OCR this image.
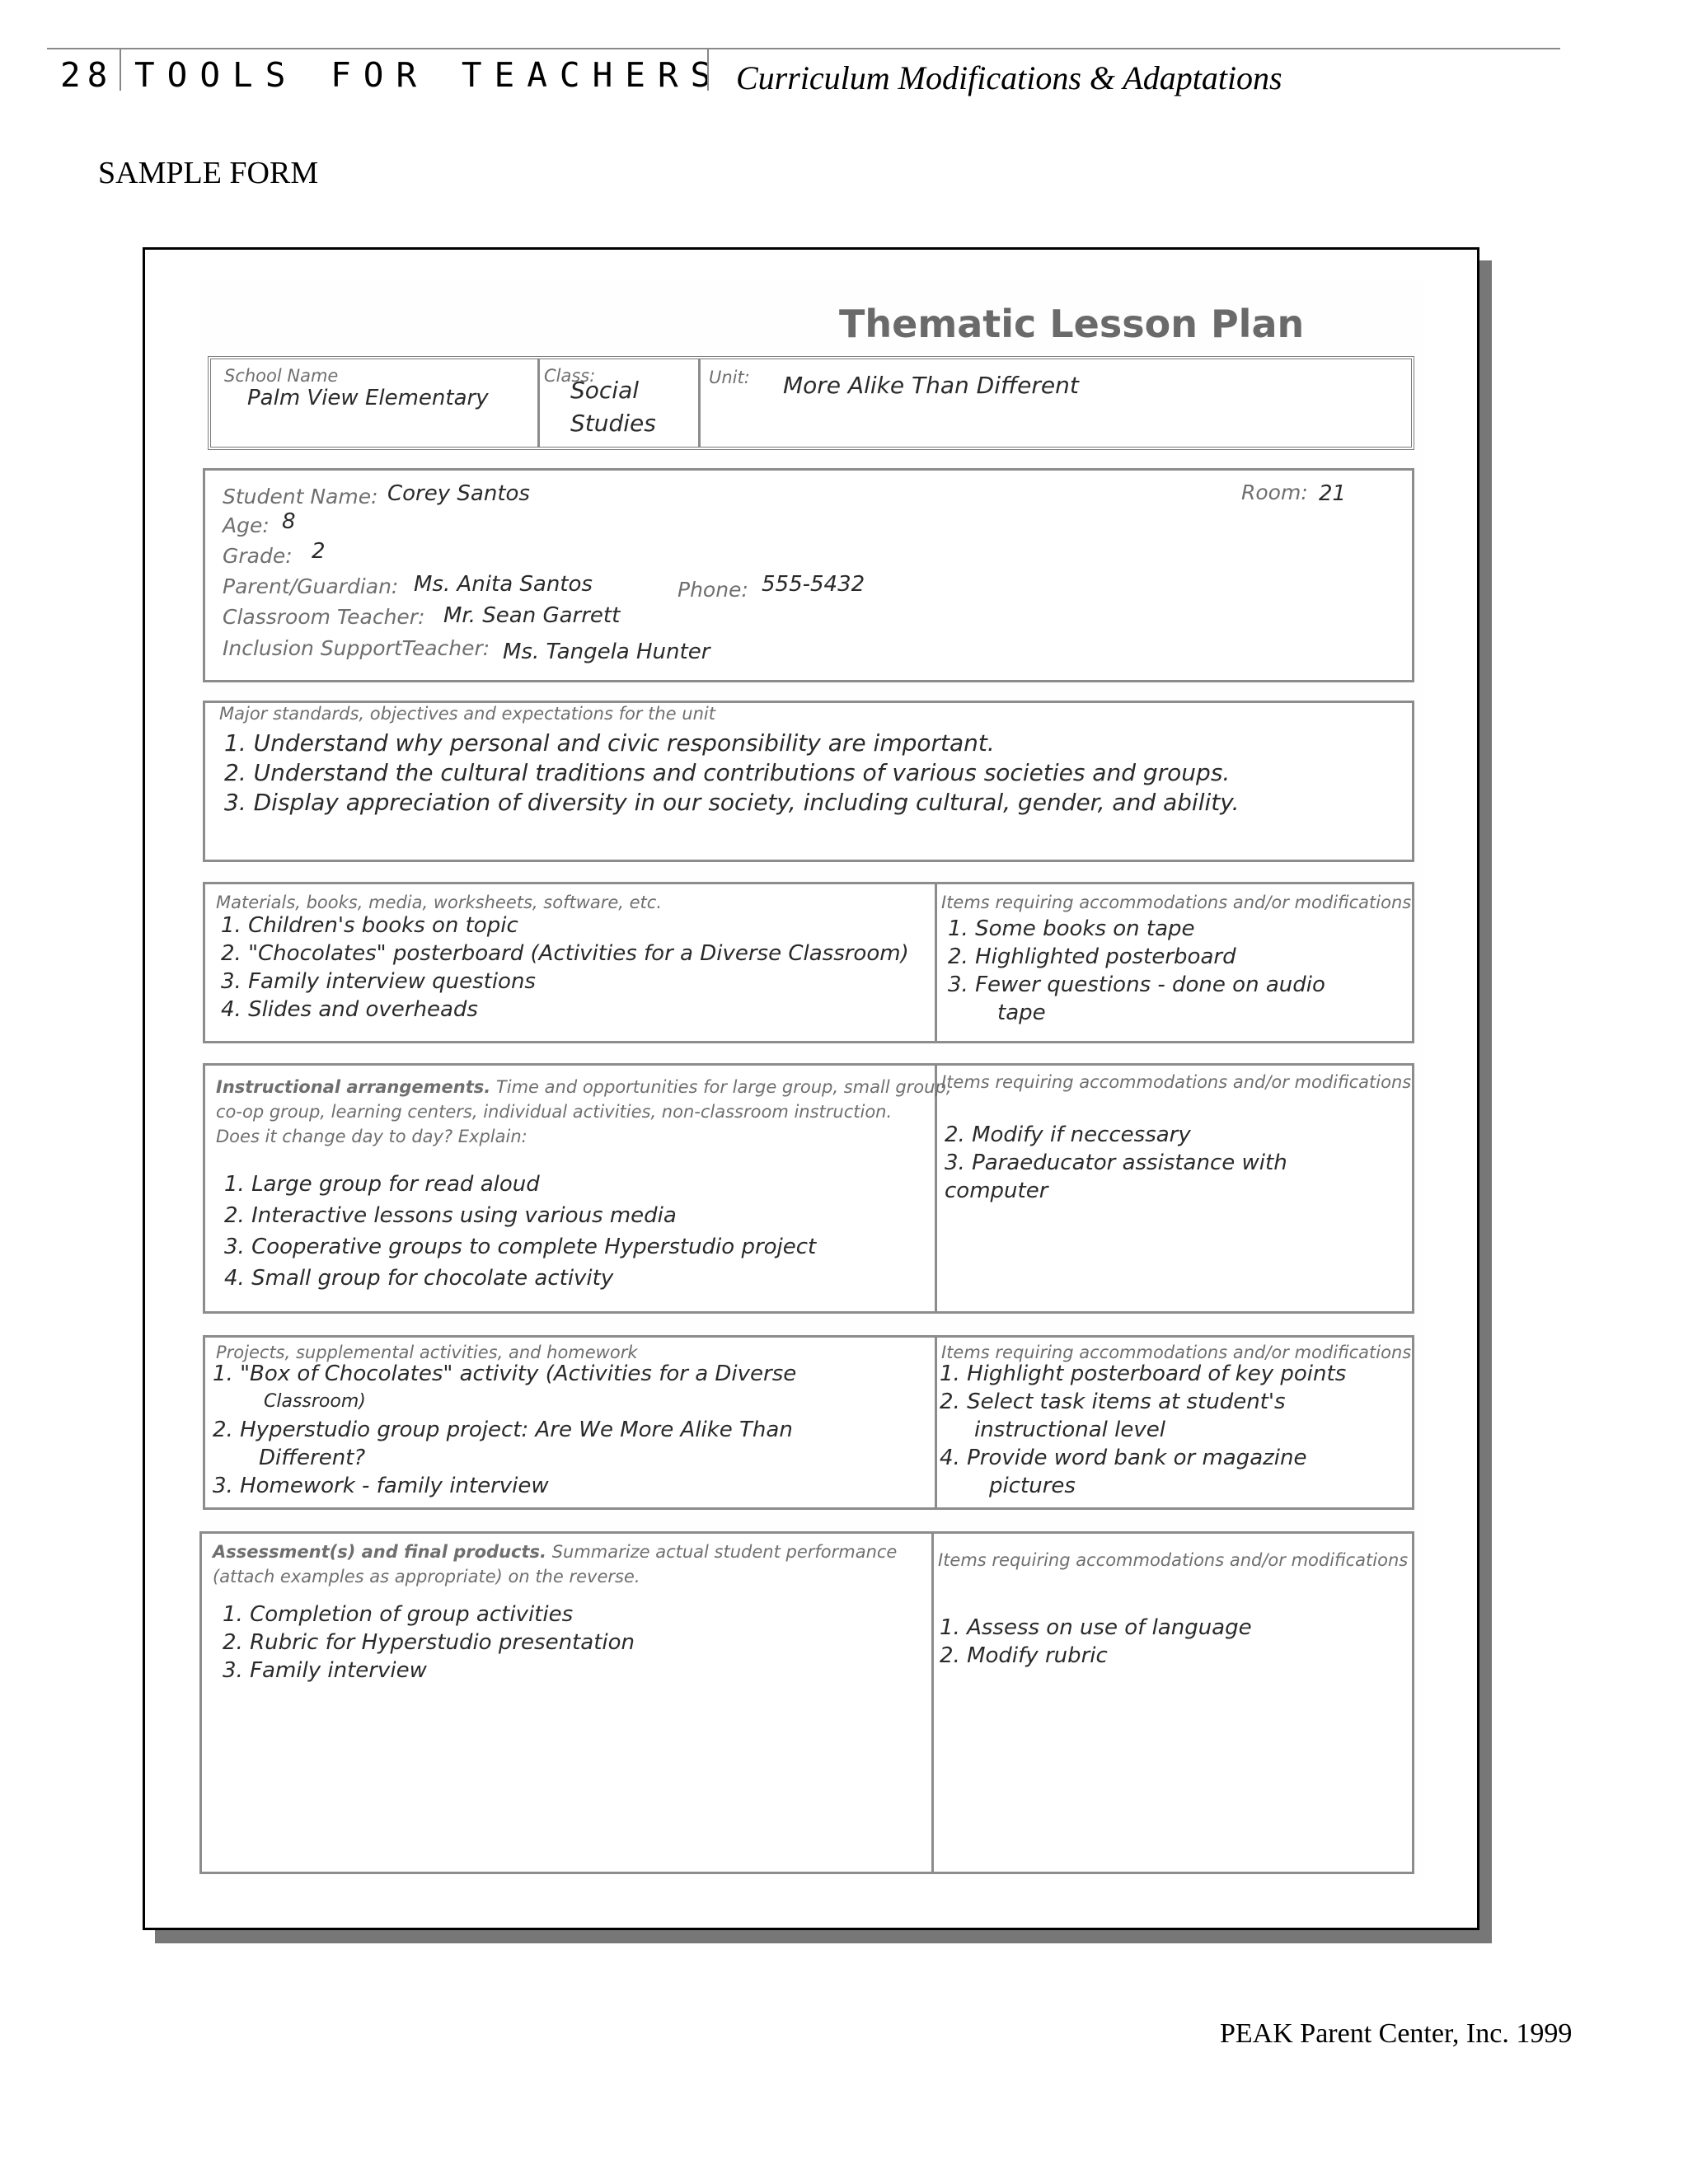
28 TOOLS FOR TEACHERS Curriculum Modifications & Adaptations
SAMPLE FORM
Thematic Lesson Plan
School Name
Palm View Elementary
Class:
Social
Studies
Unit: More Alike Than Different
Student Name: Corey Santos	Room: 21
Age: 8
Grade: 2
Parent/Guardian: Ms. Anita Santos	Phone: 555-5432
Classroom Teacher: Mr. Sean Garrett
Inclusion SupportTeacher: Ms. Tangela Hunter
Major standards, objectives and expectations for the unit
1. Understand why personal and civic responsibility are important.
2. Understand the cultural traditions and contributions of various societies and groups.
3. Display appreciation of diversity in our society, including cultural, gender, and ability.
Materials, books, media, worksheets, software, etc.
1. Children's books on topic
2. "Chocolates" posterboard (Activities for a Diverse Classroom)
3. Family interview questions
4. Slides and overheads
Items requiring accommodations and/or modifications
1. Some books on tape
2. Highlighted posterboard
3. Fewer questions - done on audio
tape
Instructional arrangements. Time and opportunities for large group, small group,
co-op group, learning centers, individual activities, non-classroom instruction.
Does it change day to day? Explain:
1. Large group for read aloud
2. Interactive lessons using various media
3. Cooperative groups to complete Hyperstudio project
4. Small group for chocolate activity
Items requiring accommodations and/or modifications
2. Modify if neccessary
3. Paraeducator assistance with
computer
Projects, supplemental activities, and homework
1. "Box of Chocolates" activity (Activities for a Diverse
Classroom)
2. Hyperstudio group project: Are We More Alike Than
Different?
3. Homework - family interview
Items requiring accommodations and/or modifications
1. Highlight posterboard of key points
2. Select task items at student's
instructional level
4. Provide word bank or magazine
pictures
Assessment(s) and final products. Summarize actual student performance
(attach examples as appropriate) on the reverse.
1. Completion of group activities
2. Rubric for Hyperstudio presentation
3. Family interview
Items requiring accommodations and/or modifications
1. Assess on use of language
2. Modify rubric
PEAK Parent Center, Inc. 1999
